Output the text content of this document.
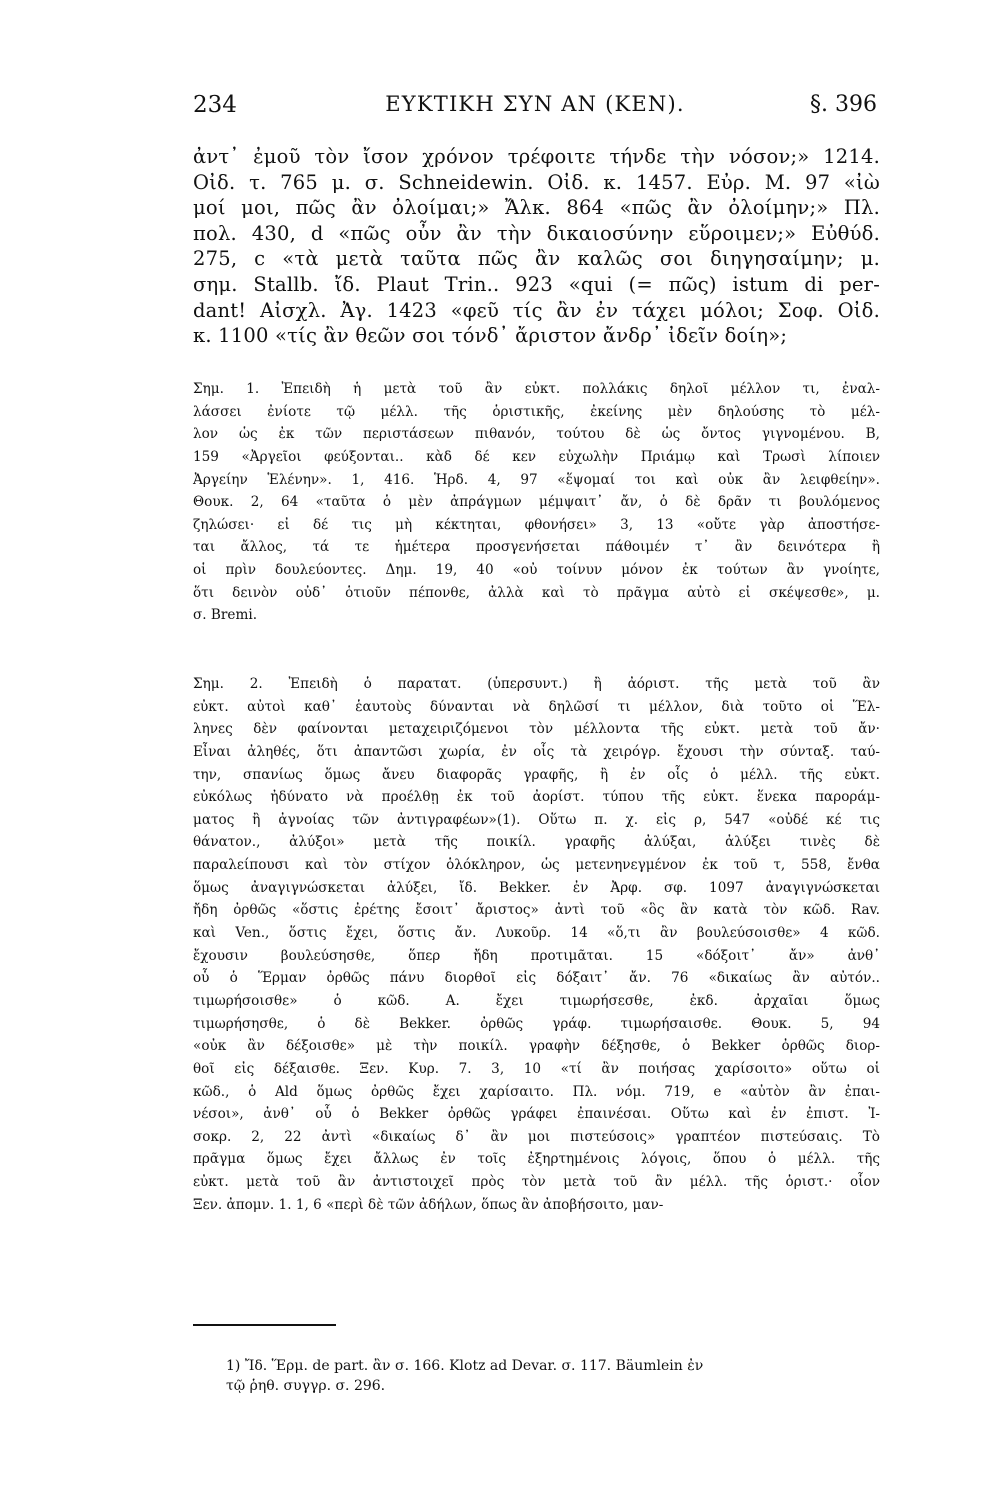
234	ΕΥΚΤΙΚΗ ΣΥΝ ΑΝ (ΚΕΝ).	§. 396
ἀντ᾽ ἐμοῦ τὸν ἴσον χρόνον τρέφοιτε τήνδε τὴν νόσον;» 1214.
Οἰδ. τ. 765 μ. σ. Schneidewin. Οἰδ. κ. 1457. Εὐρ. Μ. 97 «ἰὼ
μοί μοι, πῶς ἂν ὀλοίμαι;» Ἄλκ. 864 «πῶς ἂν ὀλοίμην;» Πλ.
πολ. 430, d «πῶς οὖν ἂν τὴν δικαιοσύνην εὕροιμεν;» Εὐθύδ.
275, c «τὰ μετὰ ταῦτα πῶς ἂν καλῶς σοι διηγησαίμην; μ.
σημ. Stallb. ἴδ. Plaut Trin.. 923 «qui (= πῶς) istum di per-
dant! Αἰσχλ. Ἀγ. 1423 «φεῦ τίς ἂν ἐν τάχει μόλοι; Σοφ. Οἰδ.
κ. 1100 «τίς ἂν θεῶν σοι τόνδ᾽ ἄριστον ἄνδρ᾽ ἰδεῖν δοίη»;
Σημ. 1. Ἐπειδὴ ἡ μετὰ τοῦ ἂν εὐκτ. πολλάκις δηλοῖ μέλλον τι, ἐναλ-
λάσσει ἐνίοτε τῷ μέλλ. τῆς ὁριστικῆς, ἐκείνης μὲν δηλούσης τὸ μέλ-
λον ὡς ἐκ τῶν περιστάσεων πιθανόν, τούτου δὲ ὡς ὄντος γιγνομένου. Β,
159 «Ἀργεῖοι φεύξονται.. κὰδ δέ κεν εὐχωλὴν Πριάμῳ καὶ Τρωσὶ λίποιεν
Ἀργείην Ἑλένην». 1, 416. Ἡρδ. 4, 97 «ἕψομαί τοι καὶ οὐκ ἂν λειφθείην».
Θουκ. 2, 64 «ταῦτα ὁ μὲν ἀπράγμων μέμψαιτ᾽ ἄν, ὁ δὲ δρᾶν τι βουλόμενος
ζηλώσει· εἰ δέ τις μὴ κέκτηται, φθονήσει» 3, 13 «οὔτε γὰρ ἀποστήσε-
ται ἄλλος, τά τε ἡμέτερα προσγενήσεται πάθοιμέν τ᾽ ἂν δεινότερα ἢ
οἱ πρὶν δουλεύοντες. Δημ. 19, 40 «οὐ τοίνυν μόνον ἐκ τούτων ἂν γνοίητε,
ὅτι δεινὸν οὐδ᾽ ὁτιοῦν πέπονθε, ἀλλὰ καὶ τὸ πρᾶγμα αὐτὸ εἰ σκέψεσθε», μ.
σ. Bremi.
Σημ. 2. Ἐπειδὴ ὁ παρατατ. (ὑπερσυντ.) ἢ ἀόριστ. τῆς μετὰ τοῦ ἂν
εὐκτ. αὐτοὶ καθ᾽ ἑαυτοὺς δύνανται νὰ δηλῶσί τι μέλλον, διὰ τοῦτο οἱ Ἕλ-
ληνες δὲν φαίνονται μεταχειριζόμενοι τὸν μέλλοντα τῆς εὐκτ. μετὰ τοῦ ἄν·
Εἶναι ἀληθές, ὅτι ἀπαντῶσι χωρία, ἐν οἷς τὰ χειρόγρ. ἔχουσι τὴν σύνταξ. ταύ-
την, σπανίως ὅμως ἄνευ διαφορᾶς γραφῆς, ἢ ἐν οἷς ὁ μέλλ. τῆς εὐκτ.
εὐκόλως ἠδύνατο νὰ προέλθῃ ἐκ τοῦ ἀορίστ. τύπου τῆς εὐκτ. ἕνεκα παροράμ-
ματος ἢ ἀγνοίας τῶν ἀντιγραφέων»(1). Οὕτω π. χ. εἰς ρ, 547 «οὐδέ κέ τις
θάνατον., ἀλύξοι» μετὰ τῆς ποικίλ. γραφῆς ἀλύξαι, ἀλύξει τινὲς δὲ
παραλείπουσι καὶ τὸν στίχον ὁλόκληρον, ὡς μετενηνεγμένον ἐκ τοῦ τ, 558, ἔνθα
ὅμως ἀναγιγνώσκεται ἀλύξει, ἴδ. Bekker. ἐν Ἀρφ. σφ. 1097 ἀναγιγνώσκεται
ἤδη ὀρθῶς «ὅστις ἐρέτης ἔσοιτ᾽ ἄριστος» ἀντὶ τοῦ «ὃς ἂν κατὰ τὸν κῶδ. Rav.
καὶ Ven., ὅστις ἔχει, ὅστις ἄν. Λυκοῦρ. 14 «ὅ,τι ἂν βουλεύσοισθε» 4 κῶδ.
ἔχουσιν βουλεύσησθε, ὅπερ ἤδη προτιμᾶται. 15 «δόξοιτ᾽ ἄν» ἀνθ᾽
οὗ ὁ Ἕρμαν ὀρθῶς πάνυ διορθοῖ εἰς δόξαιτ᾽ ἄν. 76 «δικαίως ἂν αὐτόν..
τιμωρήσοισθε» ὁ κῶδ. Α. ἔχει τιμωρήσεσθε, ἐκδ. ἀρχαῖαι ὅμως
τιμωρήσησθε, ὁ δὲ Bekker. ὀρθῶς γράφ. τιμωρήσαισθε. Θουκ. 5, 94
«οὐκ ἂν δέξοισθε» μὲ τὴν ποικίλ. γραφὴν δέξησθε, ὁ Bekker ὀρθῶς διορ-
θοῖ εἰς δέξαισθε. Ξεν. Κυρ. 7. 3, 10 «τί ἂν ποιήσας χαρίσοιτο» οὕτω οἱ
κῶδ., ὁ Ald ὅμως ὀρθῶς ἔχει χαρίσαιτο. Πλ. νόμ. 719, e «αὐτὸν ἂν ἐπαι-
νέσοι», ἀνθ᾽ οὗ ὁ Bekker ὀρθῶς γράφει ἐπαινέσαι. Οὕτω καὶ ἐν ἐπιστ. Ἰ-
σοκρ. 2, 22 ἀντὶ «δικαίως δ᾽ ἂν μοι πιστεύσοις» γραπτέον πιστεύσαις. Τὸ
πρᾶγμα ὅμως ἔχει ἄλλως ἐν τοῖς ἐξηρτημένοις λόγοις, ὅπου ὁ μέλλ. τῆς
εὐκτ. μετὰ τοῦ ἂν ἀντιστοιχεῖ πρὸς τὸν μετὰ τοῦ ἂν μέλλ. τῆς ὁριστ.· οἷον
Ξεν. ἀπομν. 1. 1, 6 «περὶ δὲ τῶν ἀδήλων, ὅπως ἂν ἀποβήσοιτο, μαν-
1) Ἴδ. Ἕρμ. de part. ἂν σ. 166. Klotz ad Devar. σ. 117. Bäumlein ἐν
τῷ ῥηθ. συγγρ. σ. 296.
